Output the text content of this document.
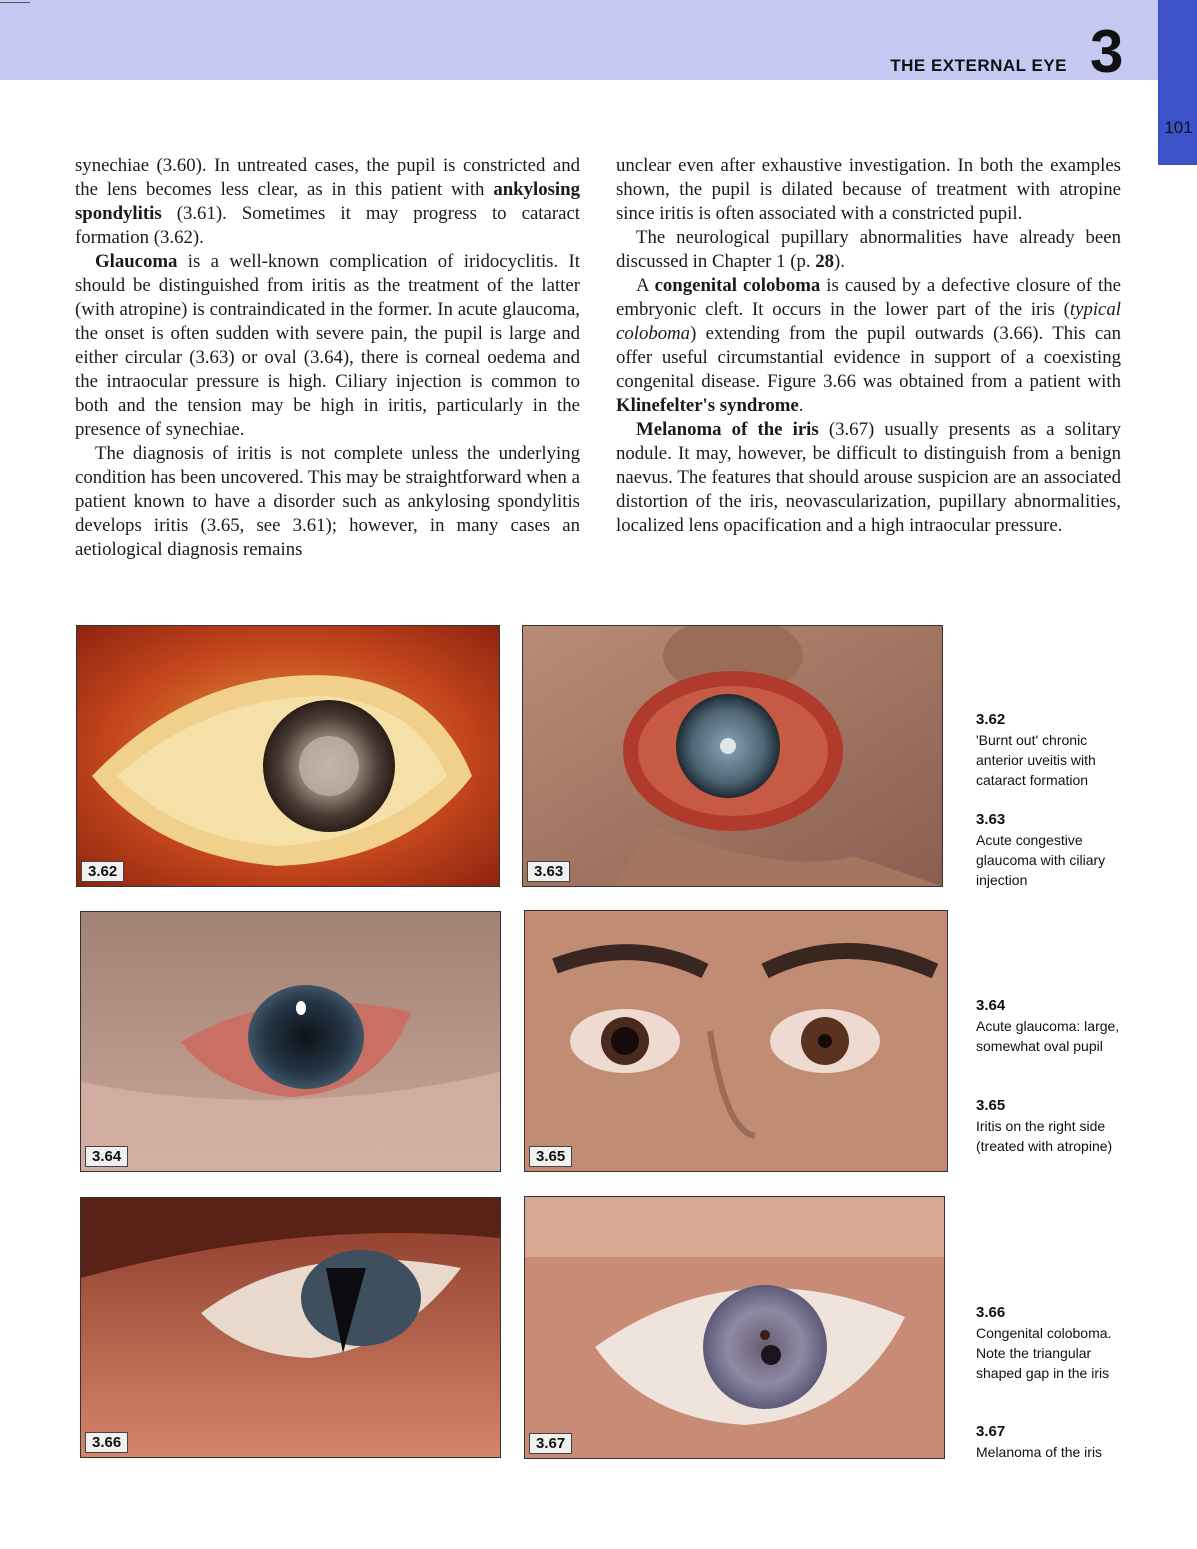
THE EXTERNAL EYE 3
101

synechiae (3.60). In untreated cases, the pupil is constricted and the lens becomes less clear, as in this patient with ankylosing spondylitis (3.61). Sometimes it may progress to cataract formation (3.62).

Glaucoma is a well-known complication of iridocyclitis. It should be distinguished from iritis as the treatment of the latter (with atropine) is contraindicated in the former. In acute glaucoma, the onset is often sudden with severe pain, the pupil is large and either circular (3.63) or oval (3.64), there is corneal oedema and the intraocular pressure is high. Ciliary injection is common to both and the tension may be high in iritis, particularly in the presence of synechiae.

The diagnosis of iritis is not complete unless the underlying condition has been uncovered. This may be straightforward when a patient known to have a disorder such as ankylosing spondylitis develops iritis (3.65, see 3.61); however, in many cases an aetiological diagnosis remains

unclear even after exhaustive investigation. In both the examples shown, the pupil is dilated because of treatment with atropine since iritis is often associated with a constricted pupil.

The neurological pupillary abnormalities have already been discussed in Chapter 1 (p. 28).

A congenital coloboma is caused by a defective closure of the embryonic cleft. It occurs in the lower part of the iris (typical coloboma) extending from the pupil outwards (3.66). This can offer useful circumstantial evidence in support of a coexisting congenital disease. Figure 3.66 was obtained from a patient with Klinefelter's syndrome.

Melanoma of the iris (3.67) usually presents as a solitary nodule. It may, however, be difficult to distinguish from a benign naevus. The features that should arouse suspicion are an associated distortion of the iris, neovascularization, pupillary abnormalities, localized lens opacification and a high intraocular pressure.

3.62	3.63
3.64	3.65
3.66	3.67
3.62
'Burnt out' chronic anterior uveitis with cataract formation
3.63
Acute congestive glaucoma with ciliary injection
3.64
Acute glaucoma: large, somewhat oval pupil
3.65
Iritis on the right side (treated with atropine)
3.66
Congenital coloboma. Note the triangular shaped gap in the iris
3.67
Melanoma of the iris
